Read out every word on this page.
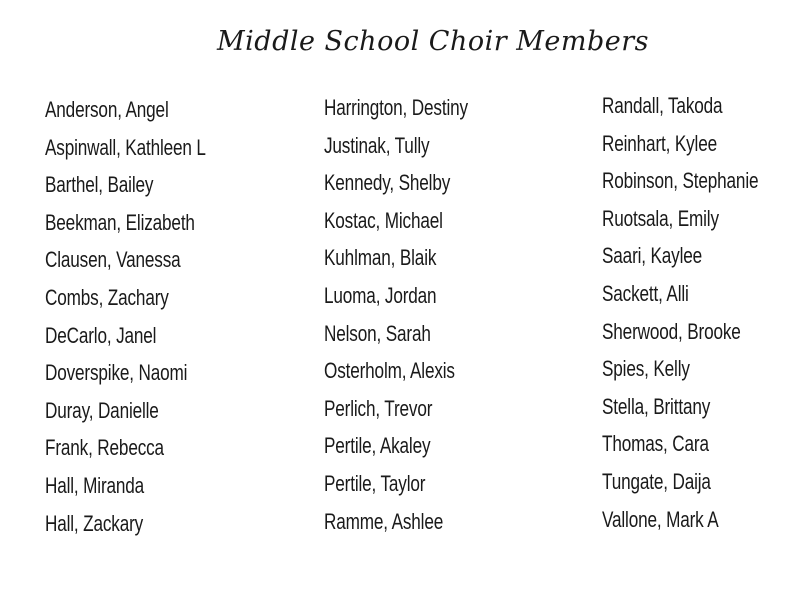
Middle School Choir Members
Anderson, Angel
Aspinwall, Kathleen L
Barthel, Bailey
Beekman, Elizabeth
Clausen, Vanessa
Combs, Zachary
DeCarlo, Janel
Doverspike, Naomi
Duray, Danielle
Frank, Rebecca
Hall, Miranda
Hall, Zackary
Harrington, Destiny
Justinak, Tully
Kennedy, Shelby
Kostac, Michael
Kuhlman, Blaik
Luoma, Jordan
Nelson, Sarah
Osterholm, Alexis
Perlich, Trevor
Pertile, Akaley
Pertile, Taylor
Ramme, Ashlee
Randall, Takoda
Reinhart, Kylee
Robinson, Stephanie
Ruotsala, Emily
Saari, Kaylee
Sackett, Alli
Sherwood, Brooke
Spies, Kelly
Stella, Brittany
Thomas, Cara
Tungate, Daija
Vallone, Mark A
